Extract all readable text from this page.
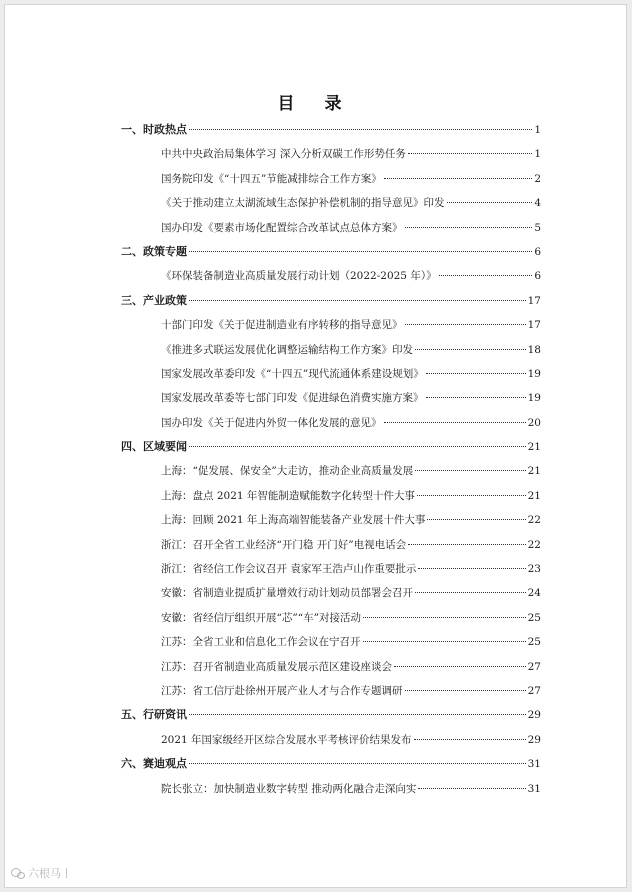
目 录
一、时政热点	1
中共中央政治局集体学习 深入分析双碳工作形势任务	1
国务院印发《“十四五”节能减排综合工作方案》	2
《关于推动建立太湖流域生态保护补偿机制的指导意见》印发	4
国办印发《要素市场化配置综合改革试点总体方案》	5
二、政策专题	6
《环保装备制造业高质量发展行动计划（2022-2025 年）》	6
三、产业政策	17
十部门印发《关于促进制造业有序转移的指导意见》	17
《推进多式联运发展优化调整运输结构工作方案》印发	18
国家发展改革委印发《“十四五”现代流通体系建设规划》	19
国家发展改革委等七部门印发《促进绿色消费实施方案》	19
国办印发《关于促进内外贸一体化发展的意见》	20
四、区域要闻	21
上海：“促发展、保安全”大走访，推动企业高质量发展	21
上海：盘点 2021 年智能制造赋能数字化转型十件大事	21
上海：回顾 2021 年上海高端智能装备产业发展十件大事	22
浙江：召开全省工业经济“开门稳 开门好”电视电话会	22
浙江：省经信工作会议召开 袁家军王浩卢山作重要批示	23
安徽：省制造业提质扩量增效行动计划动员部署会召开	24
安徽：省经信厅组织开展“芯”“车”对接活动	25
江苏：全省工业和信息化工作会议在宁召开	25
江苏：召开省制造业高质量发展示范区建设座谈会	27
江苏：省工信厅赴徐州开展产业人才与合作专题调研	27
五、行研资讯	29
2021 年国家级经开区综合发展水平考核评价结果发布	29
六、赛迪观点	31
院长张立：加快制造业数字转型 推动两化融合走深向实	31
六根马丨
